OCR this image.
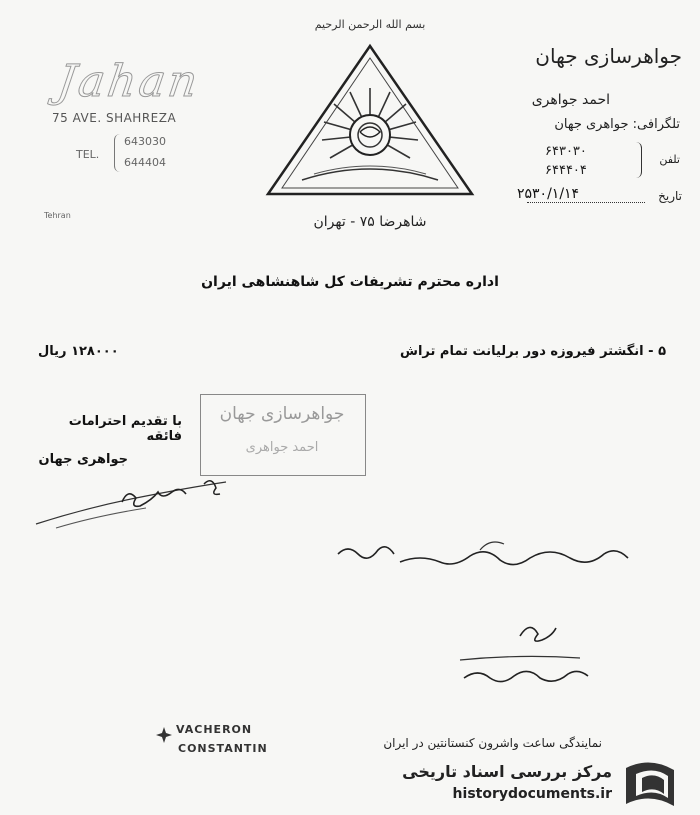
Jahan
75 AVE. SHAHREZA
TEL.
643030
644404
Tehran
بسم الله الرحمن الرحیم
شاهرضا ۷۵ - تهران
جواهرسازی جهان
احمد جواهری
تلگرافی: جواهری جهان
تلفن
۶۴۳۰۳۰
۶۴۴۴۰۴
تاریخ
۲۵۳۰/۱/۱۴
اداره محترم تشریفات کل شاهنشاهی ایران
۵ - انگشتر فیروزه دور برلیانت تمام تراش
۱۲۸۰۰۰ ریال
با تقدیم احترامات فائقه
جواهری جهان
جواهرسازی جهان
احمد جواهری
VACHERON
CONSTANTIN	نمایندگی ساعت واشرون کنستانتین در ایران
مرکز بررسی اسناد تاریخی
historydocuments.ir
